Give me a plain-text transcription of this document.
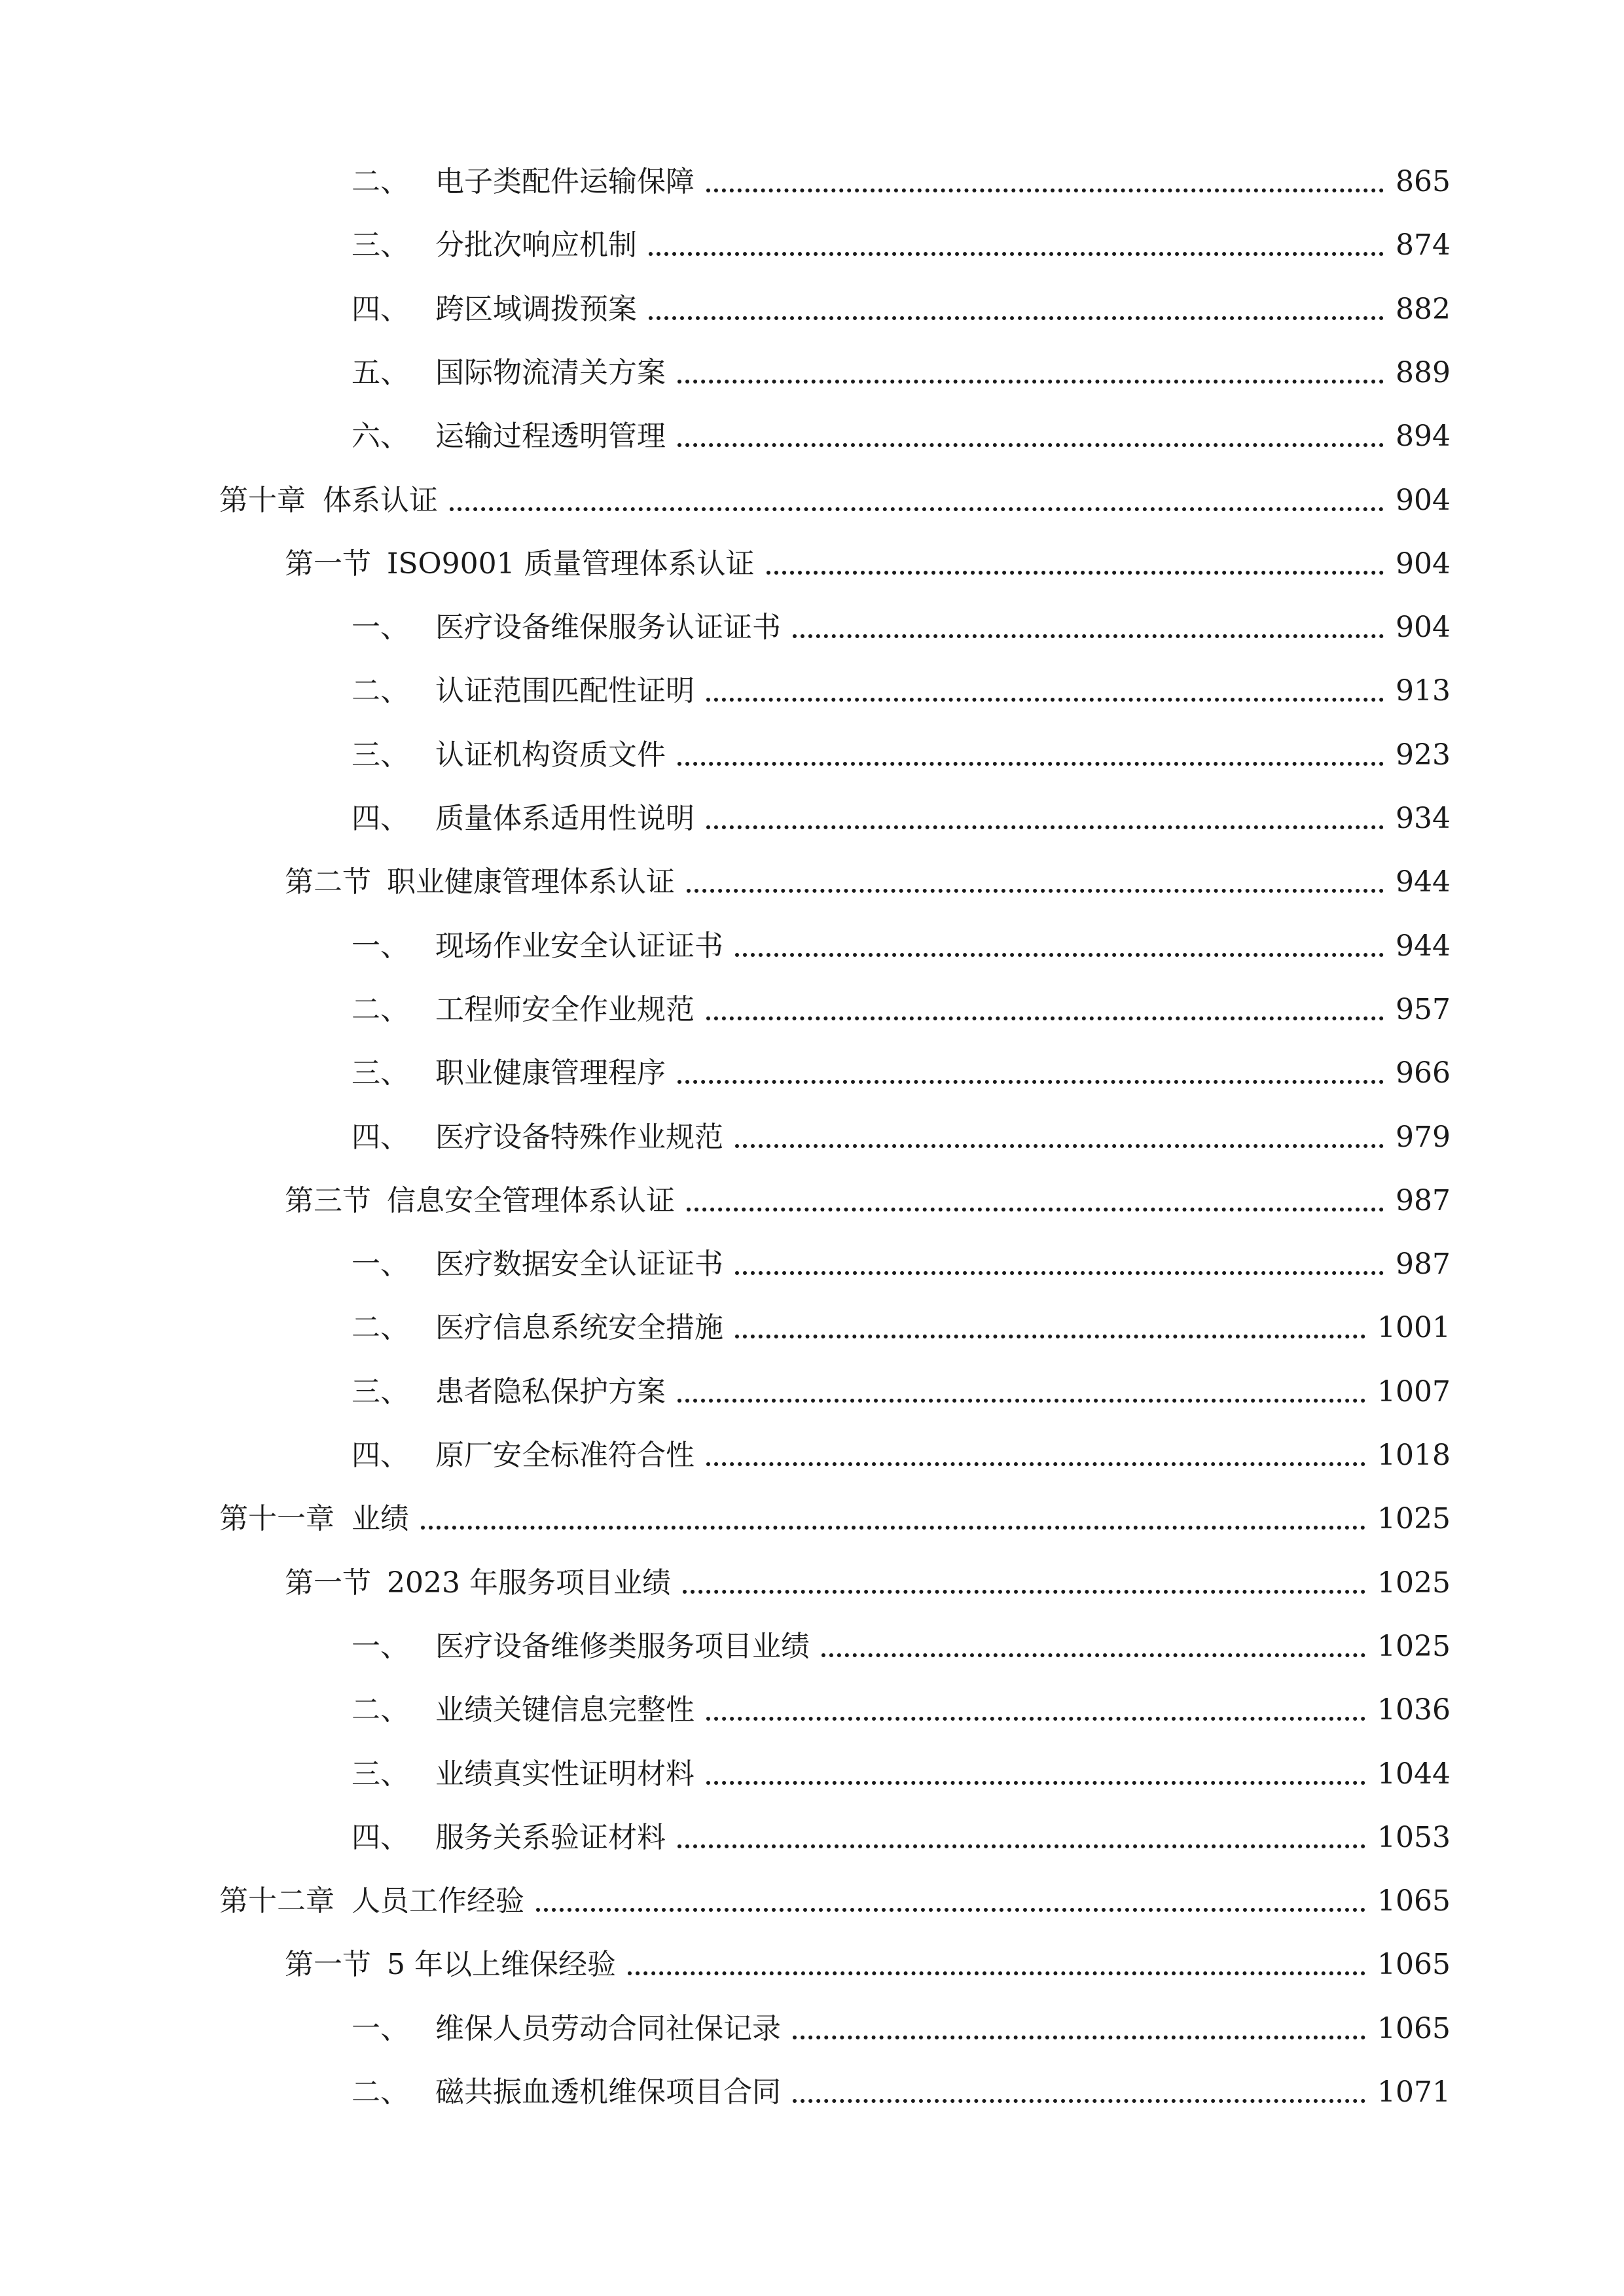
二、 电子类配件运输保障	865
三、 分批次响应机制	874
四、 跨区域调拨预案	882
五、 国际物流清关方案	889
六、 运输过程透明管理	894
第十章 体系认证	904
第一节 ISO9001 质量管理体系认证	904
一、 医疗设备维保服务认证证书	904
二、 认证范围匹配性证明	913
三、 认证机构资质文件	923
四、 质量体系适用性说明	934
第二节 职业健康管理体系认证	944
一、 现场作业安全认证证书	944
二、 工程师安全作业规范	957
三、 职业健康管理程序	966
四、 医疗设备特殊作业规范	979
第三节 信息安全管理体系认证	987
一、 医疗数据安全认证证书	987
二、 医疗信息系统安全措施	1001
三、 患者隐私保护方案	1007
四、 原厂安全标准符合性	1018
第十一章 业绩	1025
第一节 2023 年服务项目业绩	1025
一、 医疗设备维修类服务项目业绩	1025
二、 业绩关键信息完整性	1036
三、 业绩真实性证明材料	1044
四、 服务关系验证材料	1053
第十二章 人员工作经验	1065
第一节 5 年以上维保经验	1065
一、 维保人员劳动合同社保记录	1065
二、 磁共振血透机维保项目合同	1071
